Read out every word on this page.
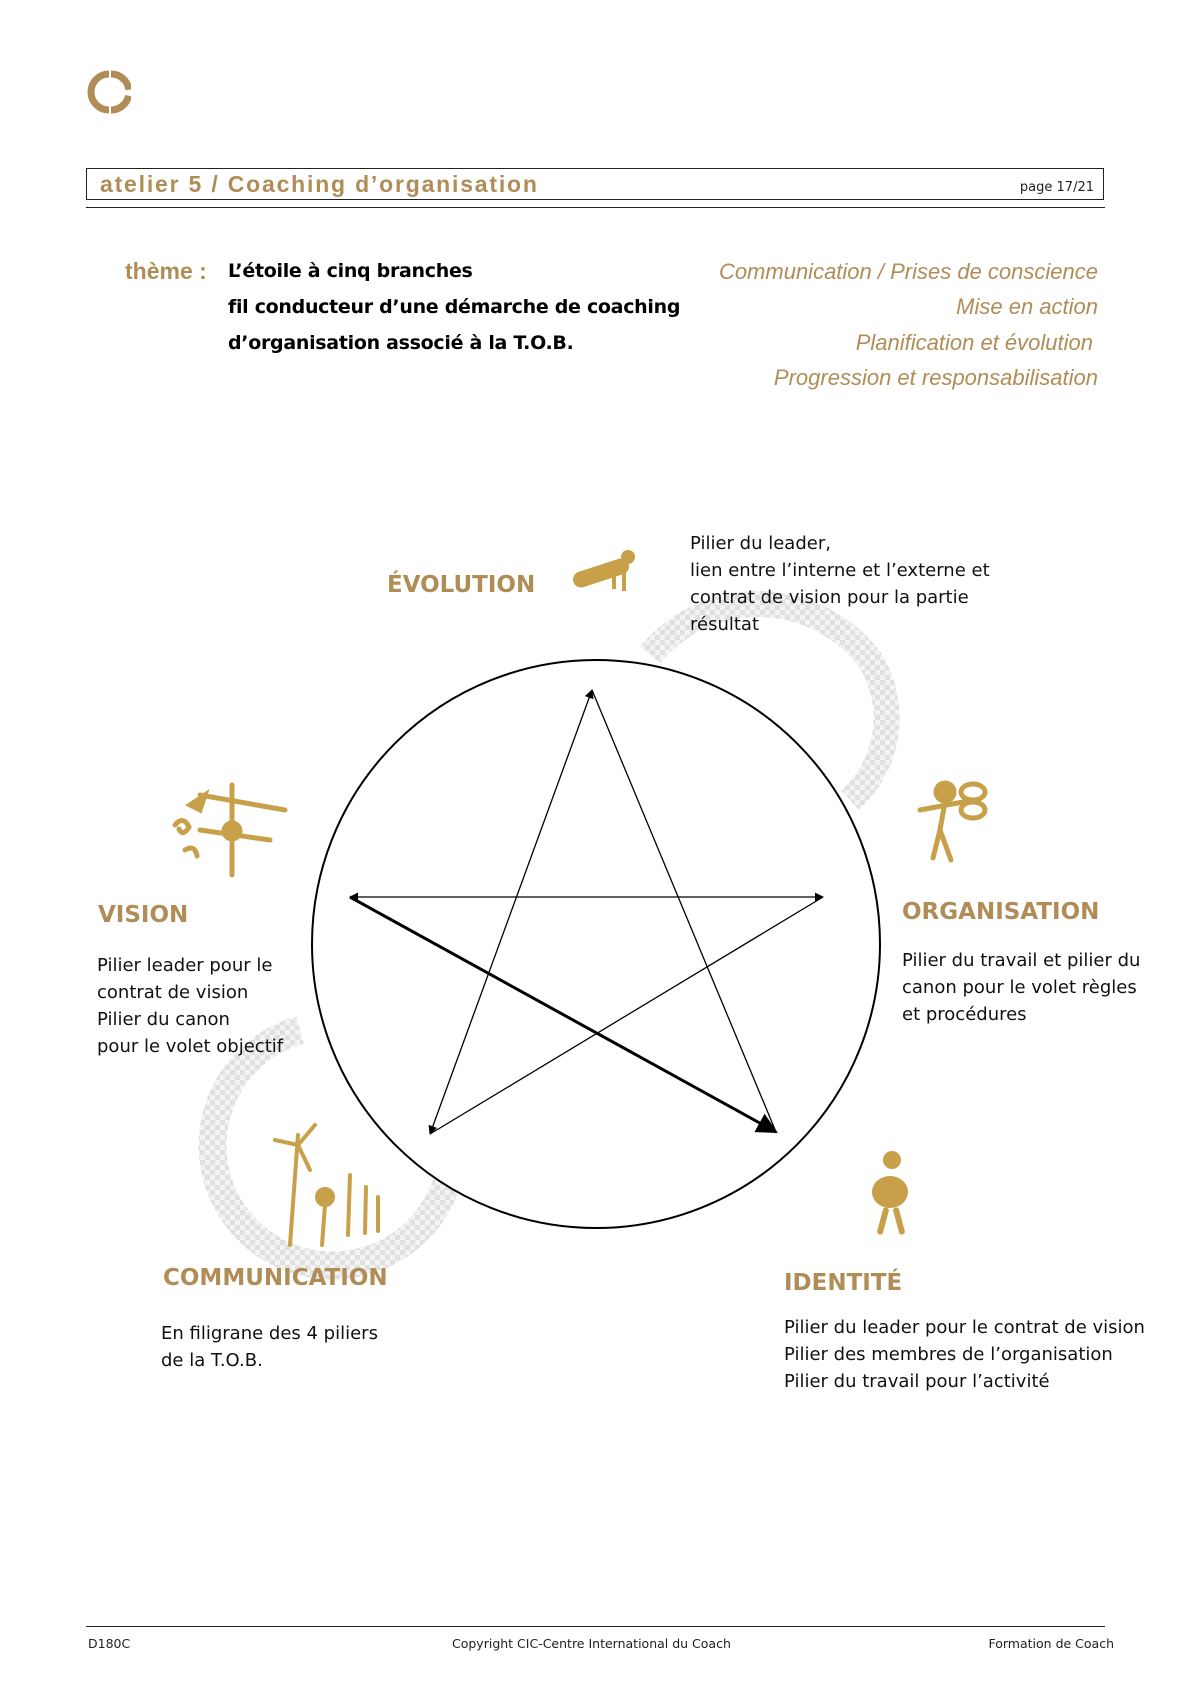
atelier 5 / Coaching d’organisation	page 17/21
thème : L’étoile à cinq branches
fil conducteur d’une démarche de coaching
d’organisation associé à la T.O.B.
Communication / Prises de conscience
Mise en action
Planification et évolution
Progression et responsabilisation
ÉVOLUTION
Pilier du leader,
lien entre l’interne et l’externe et
contrat de vision pour la partie
résultat
VISION
Pilier leader pour le
contrat de vision
Pilier du canon
pour le volet objectif
ORGANISATION
Pilier du travail et pilier du
canon pour le volet règles
et procédures
COMMUNICATION
En filigrane des 4 piliers
de la T.O.B.
IDENTITÉ
Pilier du leader pour le contrat de vision
Pilier des membres de l’organisation
Pilier du travail pour l’activité
D180C	Copyright CIC-Centre International du Coach	Formation de Coach
